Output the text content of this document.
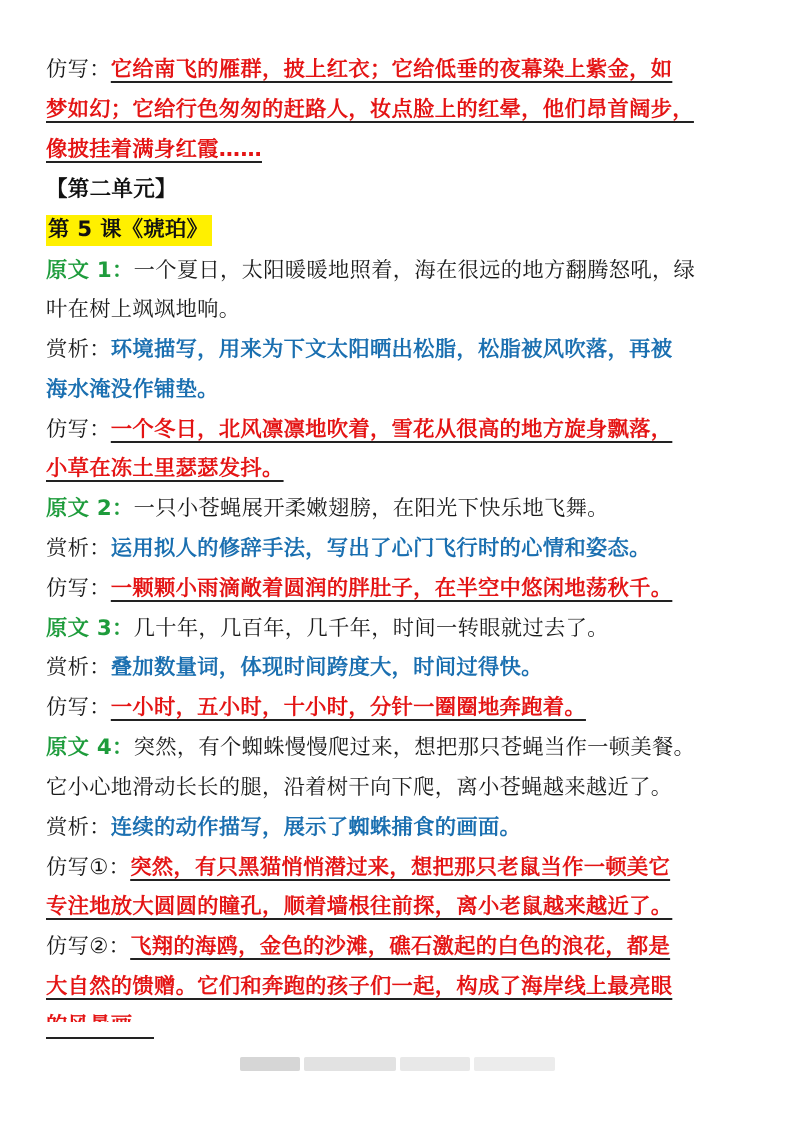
仿写：它给南飞的雁群，披上红衣；它给低垂的夜幕染上紫金，如
梦如幻；它给行色匆匆的赶路人，妆点脸上的红晕，他们昂首阔步，
像披挂着满身红霞……
【第二单元】
第 5 课《琥珀》
原文 1：一个夏日，太阳暖暖地照着，海在很远的地方翻腾怒吼，绿
叶在树上飒飒地响。
赏析：环境描写，用来为下文太阳晒出松脂，松脂被风吹落，再被
海水淹没作铺垫。
仿写：一个冬日，北风凛凛地吹着，雪花从很高的地方旋身飘落，
小草在冻土里瑟瑟发抖。
原文 2：一只小苍蝇展开柔嫩翅膀，在阳光下快乐地飞舞。
赏析：运用拟人的修辞手法，写出了心门飞行时的心情和姿态。
仿写：一颗颗小雨滴敞着圆润的胖肚子，在半空中悠闲地荡秋千。
原文 3：几十年，几百年，几千年，时间一转眼就过去了。
赏析：叠加数量词，体现时间跨度大，时间过得快。
仿写：一小时，五小时，十小时，分针一圈圈地奔跑着。
原文 4：突然，有个蜘蛛慢慢爬过来，想把那只苍蝇当作一顿美餐。
它小心地滑动长长的腿，沿着树干向下爬，离小苍蝇越来越近了。
赏析：连续的动作描写，展示了蜘蛛捕食的画面。
仿写①：突然，有只黑猫悄悄潜过来，想把那只老鼠当作一顿美它
专注地放大圆圆的瞳孔，顺着墙根往前探，离小老鼠越来越近了。
仿写②：飞翔的海鸥，金色的沙滩，礁石激起的白色的浪花，都是
大自然的馈赠。它们和奔跑的孩子们一起，构成了海岸线上最亮眼
